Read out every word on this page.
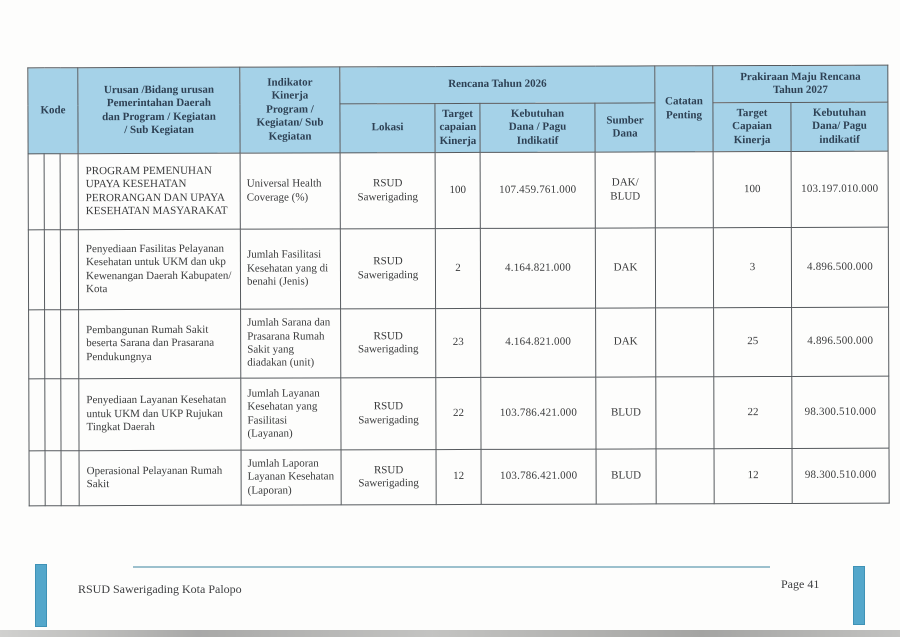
Kode			Urusan /Bidang urusan
Pemerintahan Daerah
dan Program / Kegiatan
/ Sub Kegiatan	Indikator
Kinerja
Program /
Kegiatan/ Sub
Kegiatan	Rencana Tahun 2026				Catatan
Penting	Prakiraan Maju Rencana
Tahun 2027	
					Lokasi	Target
capaian
Kinerja	Kebutuhan
Dana / Pagu
Indikatif	Sumber
Dana		Target
Capaian
Kinerja	Kebutuhan
Dana/ Pagu
indikatif
			PROGRAM PEMENUHAN UPAYA KESEHATAN PERORANGAN DAN UPAYA KESEHATAN MASYARAKAT	Universal Health Coverage (%)	RSUD Sawerigading	100	107.459.761.000	DAK/
BLUD		100	103.197.010.000
			Penyediaan Fasilitas Pelayanan Kesehatan untuk UKM dan ukp Kewenangan Daerah Kabupaten/ Kota	Jumlah Fasilitasi Kesehatan yang di benahi (Jenis)	RSUD Sawerigading	2	4.164.821.000	DAK		3	4.896.500.000
			Pembangunan Rumah Sakit beserta Sarana dan Prasarana Pendukungnya	Jumlah Sarana dan Prasarana Rumah Sakit yang diadakan (unit)	RSUD Sawerigading	23	4.164.821.000	DAK		25	4.896.500.000
			Penyediaan Layanan Kesehatan untuk UKM dan UKP Rujukan Tingkat Daerah	Jumlah Layanan Kesehatan yang Fasilitasi (Layanan)	RSUD Sawerigading	22	103.786.421.000	BLUD		22	98.300.510.000
			Operasional Pelayanan Rumah Sakit	Jumlah Laporan Layanan Kesehatan (Laporan)	RSUD Sawerigading	12	103.786.421.000	BLUD		12	98.300.510.000
RSUD Sawerigading Kota Palopo	Page 41
